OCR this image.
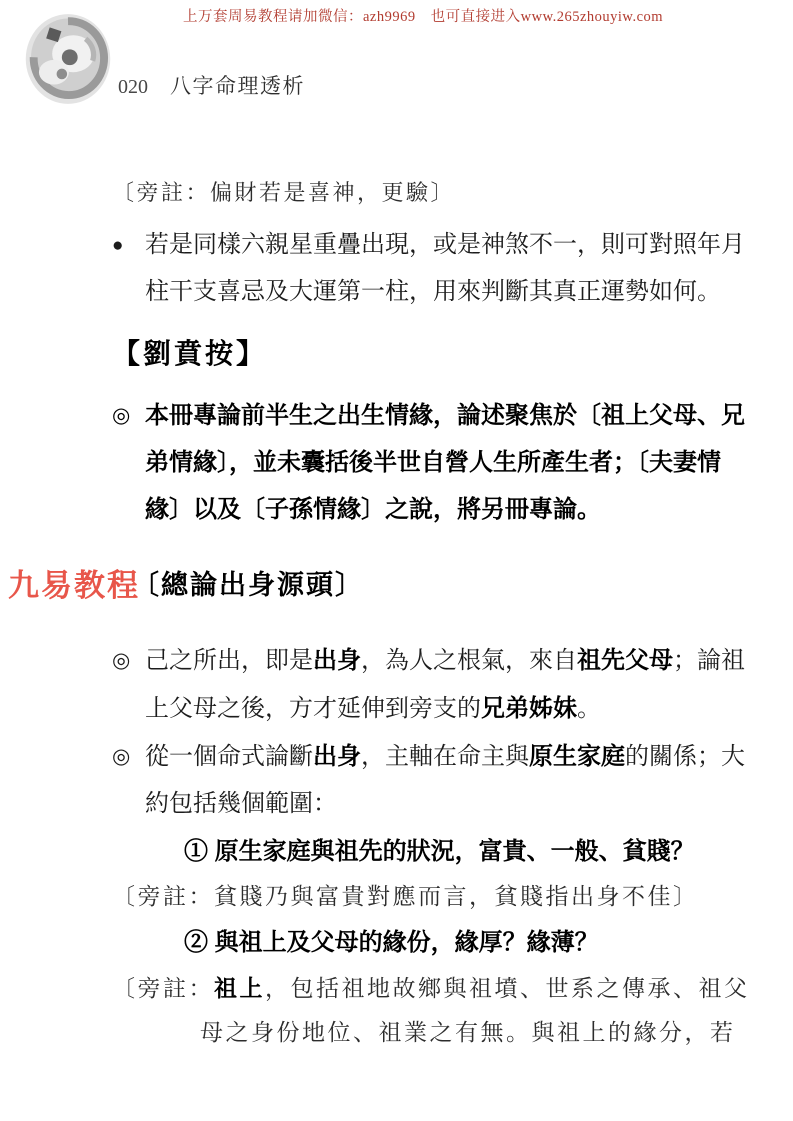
上万套周易教程请加微信：azh9969　也可直接进入www.265zhouyiw.com
020 八字命理透析
〔旁註：偏財若是喜神，更驗〕
● 若是同樣六親星重疊出現，或是神煞不一，則可對照年月
柱干支喜忌及大運第一柱，用來判斷其真正運勢如何。
【劉賁按】
◎ 本冊專論前半生之出生情緣，論述聚焦於〔祖上父母、兄
弟情緣〕，並未囊括後半世自營人生所產生者；〔夫妻情
緣〕以及〔子孫情緣〕之說，將另冊專論。
九易教程
〔總論出身源頭〕
◎ 己之所出，即是出身，為人之根氣，來自祖先父母；論祖
上父母之後，方才延伸到旁支的兄弟姊妹。
◎ 從一個命式論斷出身，主軸在命主與原生家庭的關係；大
約包括幾個範圍：
① 原生家庭與祖先的狀況，富貴、一般、貧賤？
〔旁註：貧賤乃與富貴對應而言，貧賤指出身不佳〕
② 與祖上及父母的緣份，緣厚？緣薄？
〔旁註：祖上，包括祖地故鄉與祖墳、世系之傳承、祖父
母之身份地位、祖業之有無。與祖上的緣分，若
